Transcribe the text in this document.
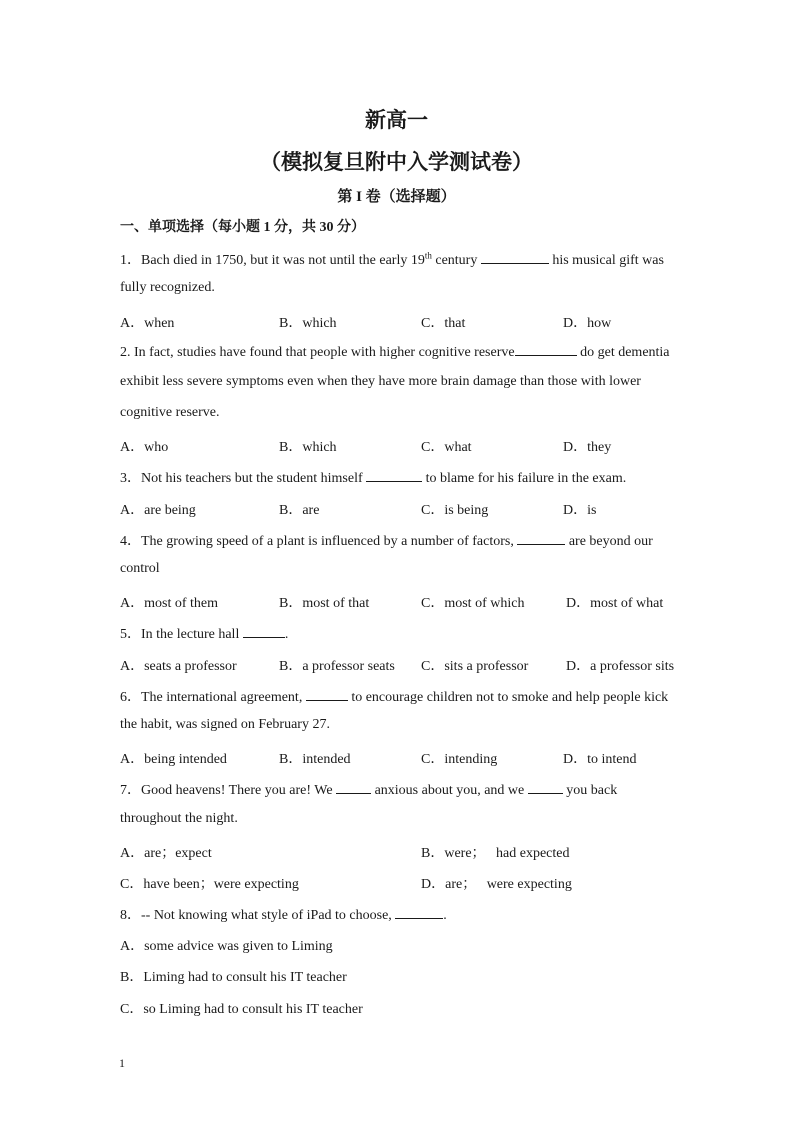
新高一
（模拟复旦附中入学测试卷）
第 I 卷（选择题）
一、单项选择（每小题 1 分，共 30 分）
1．Bach died in 1750, but it was not until the early 19th century	his musical gift was
fully recognized.
A．when	B．which	C．that	D．how
2. In fact, studies have found that people with higher cognitive reserve	do get dementia
exhibit less severe symptoms even when they have more brain damage than those with lower
cognitive reserve.
A．who	B．which	C．what	D．they
3．Not his teachers but the student himself	to blame for his failure in the exam.
A．are being	B．are	C．is being	D．is
4．The growing speed of a plant is influenced by a number of factors,	are beyond our
control
A．most of them	B．most of that	C．most of which	D．most of what
5．In the lecture hall	.
A．seats a professor	B．a professor seats C．sits a professor	D．a professor sits
6．The international agreement,	to encourage children not to smoke and help people kick
the habit, was signed on February 27.
A．being intended	B．intended	C．intending	D．to intend
7．Good heavens! There you are! We	anxious about you, and we	you back
throughout the night.
A．are；expect	B．were；   had expected
C．have been；were expecting	D．are；   were expecting
8．-- Not knowing what style of iPad to choose,	.
A．some advice was given to Liming
B．Liming had to consult his IT teacher
C．so Liming had to consult his IT teacher
1
